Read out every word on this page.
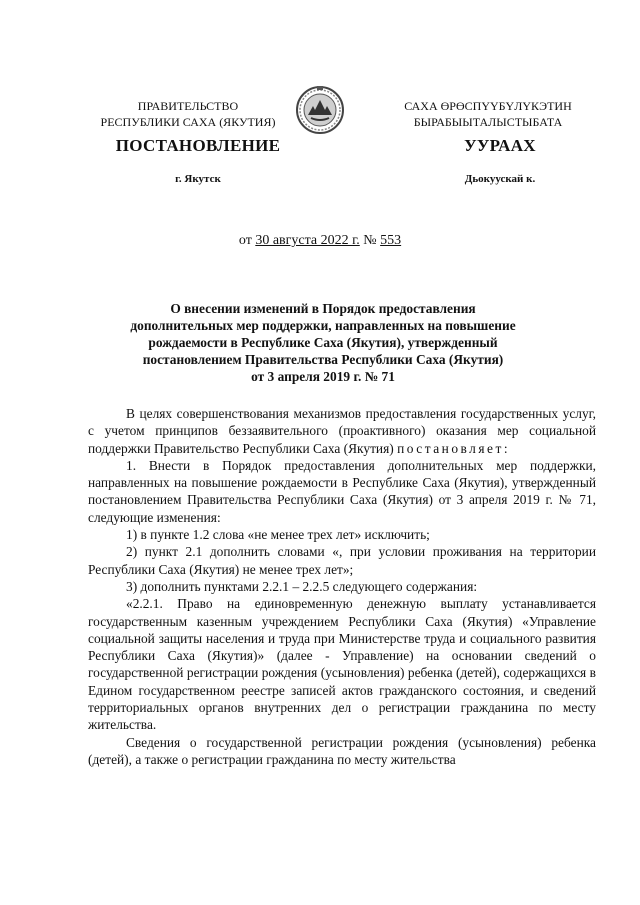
ПРАВИТЕЛЬСТВО
РЕСПУБЛИКИ САХА (ЯКУТИЯ)
САХА ӨРӨСПҮҮБҮЛҮКЭТИН
БЫРАБЫЫТАЛЫСТЫБАТА
ПОСТАНОВЛЕНИЕ	УУРААХ
г. Якутск	Дьокуускай к.
от 30 августа 2022 г. № 553
О внесении изменений в Порядок предоставления
дополнительных мер поддержки, направленных на повышение
рождаемости в Республике Саха (Якутия), утвержденный
постановлением Правительства Республики Саха (Якутия)
от 3 апреля 2019 г. № 71

В целях совершенствования механизмов предоставления государственных услуг, с учетом принципов беззаявительного (проактивного) оказания мер социальной поддержки Правительство Республики Саха (Якутия) постановляет:

1. Внести в Порядок предоставления дополнительных мер поддержки, направленных на повышение рождаемости в Республике Саха (Якутия), утвержденный постановлением Правительства Республики Саха (Якутия) от 3 апреля 2019 г. № 71, следующие изменения:

1) в пункте 1.2 слова «не менее трех лет» исключить;

2) пункт 2.1 дополнить словами «, при условии проживания на территории Республики Саха (Якутия) не менее трех лет»;

3) дополнить пунктами 2.2.1 – 2.2.5 следующего содержания:

«2.2.1. Право на единовременную денежную выплату устанавливается государственным казенным учреждением Республики Саха (Якутия) «Управление социальной защиты населения и труда при Министерстве труда и социального развития Республики Саха (Якутия)» (далее - Управление) на основании сведений о государственной регистрации рождения (усыновления) ребенка (детей), содержащихся в Едином государственном реестре записей актов гражданского состояния, и сведений территориальных органов внутренних дел о регистрации гражданина по месту жительства.

Сведения о государственной регистрации рождения (усыновления) ребенка (детей), а также о регистрации гражданина по месту жительства
